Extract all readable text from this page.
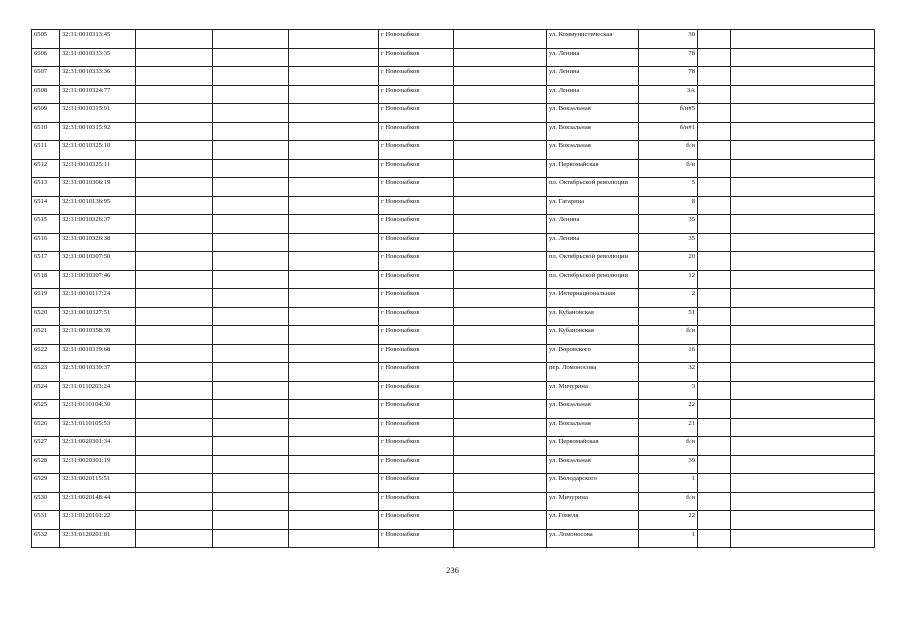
6505	32:31:0010313:45				г Новозыбков		ул. Коммунистическая	30		
6506	32:31:0010333:35				г Новозыбков		ул. Ленина	78		
6507	32:31:0010333:36				г Новозыбков		ул. Ленина	78		
6508	32:31:0010324:77				г Новозыбков		ул. Ленина	3А		
6509	32:31:0010315:91				г Новозыбков		ул. Вокзальная	б/н#5		
6510	32:31:0010315:92				г Новозыбков		ул. Вокзальная	б/н#1		
6511	32:31:0010325:10				г Новозыбков		ул. Вокзальная	б/н		
6512	32:31:0010325:11				г Новозыбков		ул. Первомайская	б/н		
6513	32:31:0010306:19				г Новозыбков		пл. Октябрьской революции	5		
6514	32:31:0010136:95				г Новозыбков		ул. Гагарина	8		
6515	32:31:0010326:37				г Новозыбков		ул. Ленина	35		
6516	32:31:0010326:38				г Новозыбков		ул. Ленина	35		
6517	32:31:0010307:50				г Новозыбков		пл. Октябрьской революции	20		
6518	32:31:0010307:46				г Новозыбков		пл. Октябрьской революции	12		
6519	32:31:0010117:24				г Новозыбков		ул. Интернациональная	2		
6520	32:31:0010327:51				г Новозыбков		ул. Кубановская	51		
6521	32:31:0010358:39				г Новозыбков		ул. Кубановская	б/н		
6522	32:31:0010319:68				г Новозыбков		ул. Воровского	16		
6523	32:31:0010339:37				г Новозыбков		пер. Ломоносова	32		
6524	32:31:0110203:24				г Новозыбков		ул. Мичурина	3		
6525	32:31:0110104:30				г Новозыбков		ул. Вокзальная	22		
6526	32:31:0110105:53				г Новозыбков		ул. Вокзальная	21		
6527	32:31:0020301:34				г Новозыбков		ул. Первомайская	б/н		
6528	32:31:0020301:19				г Новозыбков		ул. Вокзальная	39		
6529	32:31:0020115:51				г Новозыбков		ул. Володарского	1		
6530	32:31:0020148:44				г Новозыбков		ул. Мичурина	б/н		
6531	32:31:0120101:22				г Новозыбков		ул. Гомеля	22		
6532	32:31:0120201:81				г Новозыбков		ул. Ломоносова	1		
236
